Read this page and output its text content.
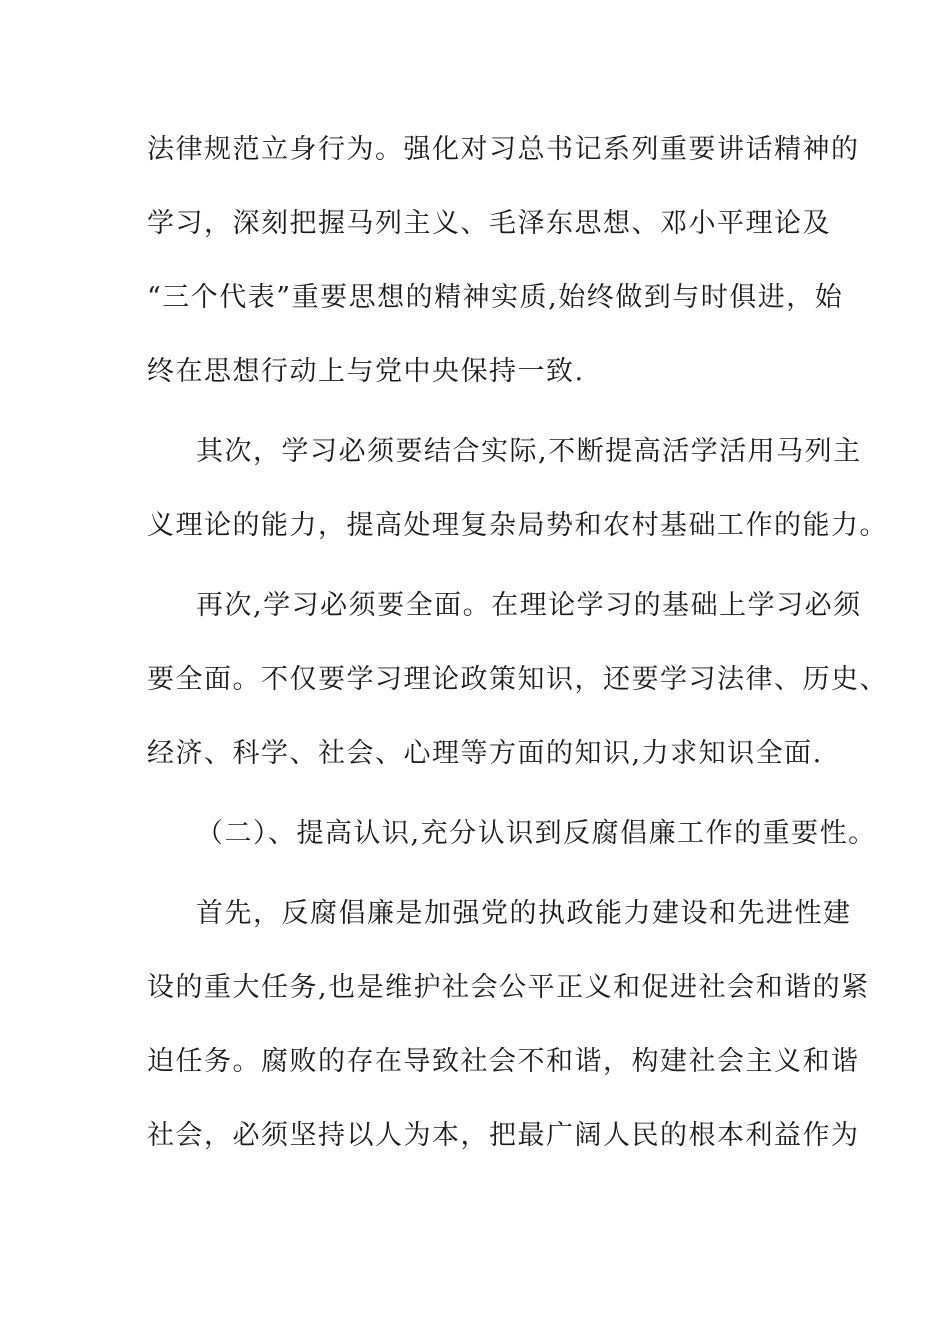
法律规范立身行为。强化对习总书记系列重要讲话精神的
学习，深刻把握马列主义、毛泽东思想、邓小平理论及
“三个代表”重要思想的精神实质,始终做到与时俱进，始
终在思想行动上与党中央保持一致.
其次，学习必须要结合实际,不断提高活学活用马列主
义理论的能力，提高处理复杂局势和农村基础工作的能力。
再次,学习必须要全面。在理论学习的基础上学习必须
要全面。不仅要学习理论政策知识，还要学习法律、历史、
经济、科学、社会、心理等方面的知识,力求知识全面.
（二）、提高认识,充分认识到反腐倡廉工作的重要性。
首先，反腐倡廉是加强党的执政能力建设和先进性建
设的重大任务,也是维护社会公平正义和促进社会和谐的紧
迫任务。腐败的存在导致社会不和谐，构建社会主义和谐
社会，必须坚持以人为本，把最广阔人民的根本利益作为
